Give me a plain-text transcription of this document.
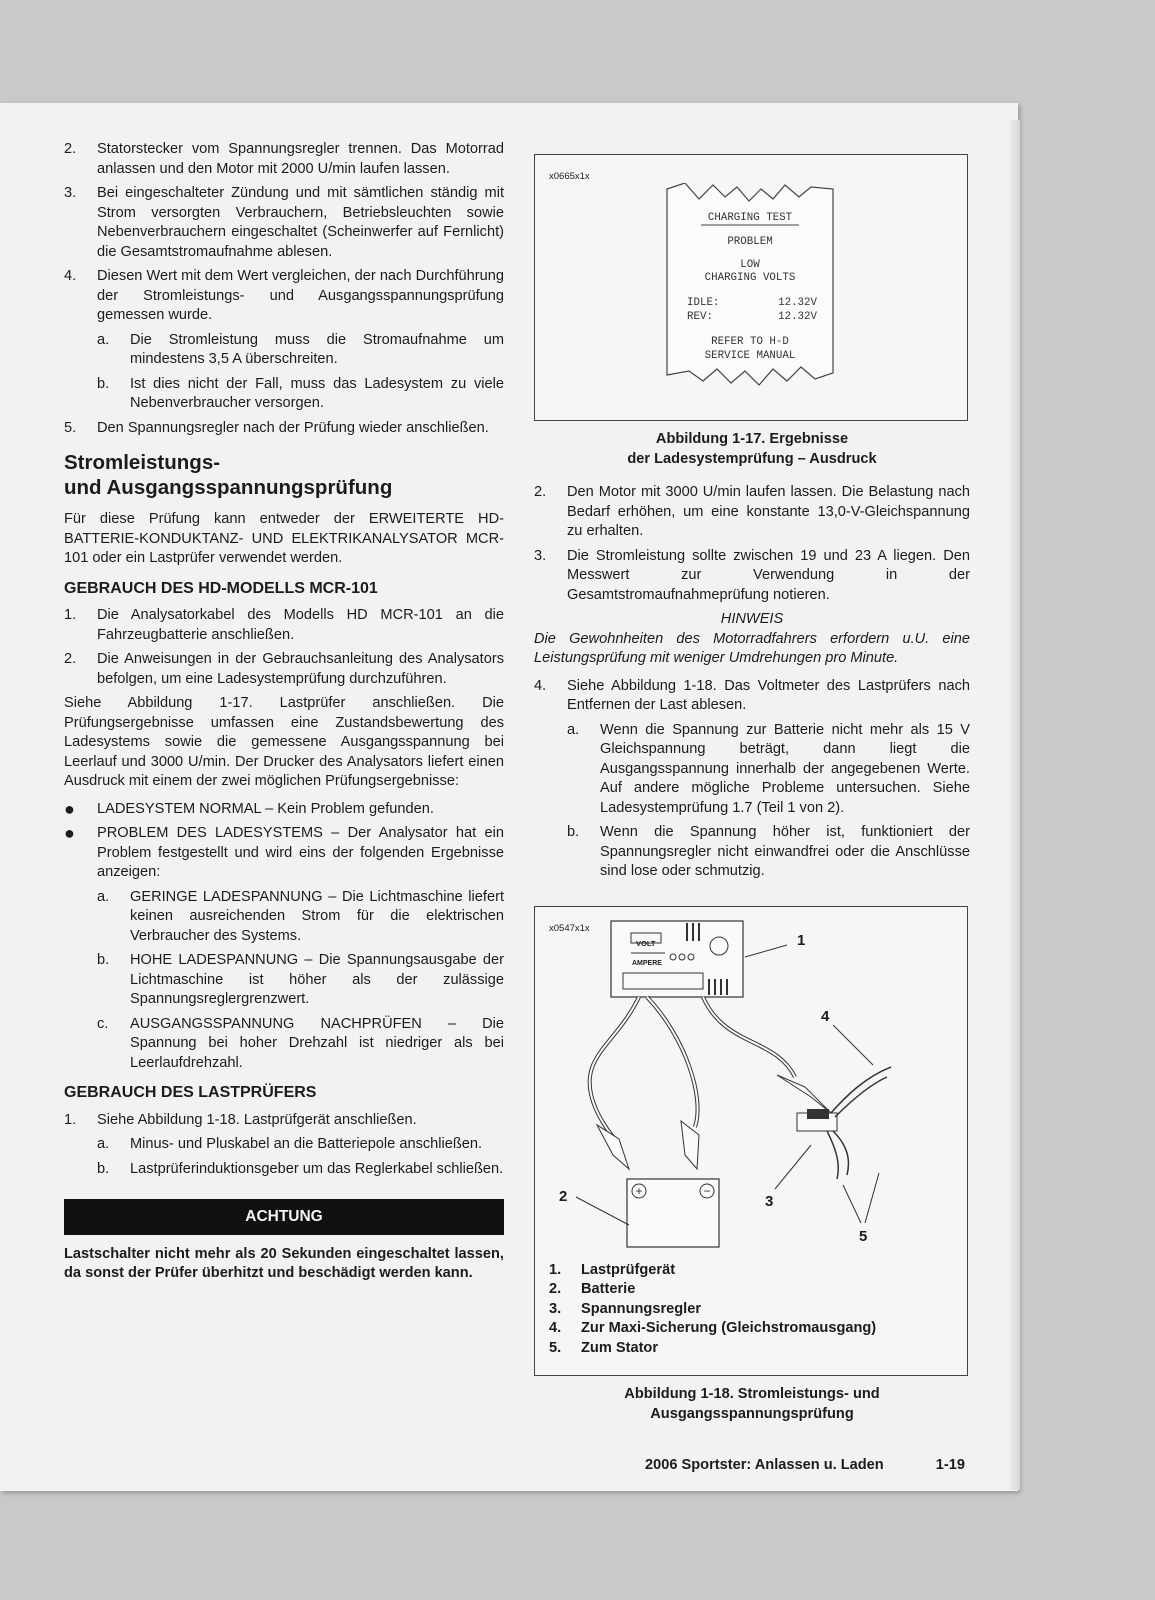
2.	Statorstecker vom Spannungsregler trennen. Das Motorrad anlassen und den Motor mit 2000 U/min laufen lassen.
3.	Bei eingeschalteter Zündung und mit sämtlichen ständig mit Strom versorgten Verbrauchern, Betriebsleuchten sowie Nebenverbrauchern eingeschaltet (Scheinwerfer auf Fernlicht) die Gesamtstromaufnahme ablesen.
4.	Diesen Wert mit dem Wert vergleichen, der nach Durchführung der Stromleistungs- und Ausgangsspannungsprüfung gemessen wurde.
a.	Die Stromleistung muss die Stromaufnahme um mindestens 3,5 A überschreiten.
b.	Ist dies nicht der Fall, muss das Ladesystem zu viele Nebenverbraucher versorgen.
5.	Den Spannungsregler nach der Prüfung wieder anschließen.
Stromleistungs-
und Ausgangsspannungsprüfung

Für diese Prüfung kann entweder der ERWEITERTE HD-BATTERIE-KONDUKTANZ- UND ELEKTRIKANALYSATOR MCR-101 oder ein Lastprüfer verwendet werden.

GEBRAUCH DES HD-MODELLS MCR-101
1.	Die Analysatorkabel des Modells HD MCR-101 an die Fahrzeugbatterie anschließen.
2.	Die Anweisungen in der Gebrauchsanleitung des Analysators befolgen, um eine Ladesystemprüfung durchzuführen.

Siehe Abbildung 1-17. Lastprüfer anschließen. Die Prüfungsergebnisse umfassen eine Zustandsbewertung des Ladesystems sowie die gemessene Ausgangsspannung bei Leerlauf und 3000 U/min. Der Drucker des Analysators liefert einen Ausdruck mit einem der zwei möglichen Prüfungsergebnisse:

●	LADESYSTEM NORMAL – Kein Problem gefunden.
●	PROBLEM DES LADESYSTEMS – Der Analysator hat ein Problem festgestellt und wird eins der folgenden Ergebnisse anzeigen:
a.	GERINGE LADESPANNUNG – Die Lichtmaschine liefert keinen ausreichenden Strom für die elektrischen Verbraucher des Systems.
b.	HOHE LADESPANNUNG – Die Spannungsausgabe der Lichtmaschine ist höher als der zulässige Spannungsreglergrenzwert.
c.	AUSGANGSSPANNUNG NACHPRÜFEN – Die Spannung bei hoher Drehzahl ist niedriger als bei Leerlaufdrehzahl.
GEBRAUCH DES LASTPRÜFERS
1.	Siehe Abbildung 1-18. Lastprüfgerät anschließen.
a.	Minus- und Pluskabel an die Batteriepole anschließen.
b.	Lastprüferinduktionsgeber um das Reglerkabel schließen.
ACHTUNG

Lastschalter nicht mehr als 20 Sekunden eingeschaltet lassen, da sonst der Prüfer überhitzt und beschädigt werden kann.

x0665x1x
CHARGING TEST
PROBLEM
LOW
CHARGING VOLTS
IDLE:	12.32V
REV:	12.32V
REFER TO H-D
SERVICE MANUAL
Abbildung 1-17. Ergebnisse
der Ladesystemprüfung – Ausdruck
2.	Den Motor mit 3000 U/min laufen lassen. Die Belastung nach Bedarf erhöhen, um eine konstante 13,0-V-Gleichspannung zu erhalten.
3.	Die Stromleistung sollte zwischen 19 und 23 A liegen. Den Messwert zur Verwendung in der Gesamtstromaufnahmeprüfung notieren.

HINWEIS

Die Gewohnheiten des Motorradfahrers erfordern u.U. eine Leistungsprüfung mit weniger Umdrehungen pro Minute.

4.	Siehe Abbildung 1-18. Das Voltmeter des Lastprüfers nach Entfernen der Last ablesen.
a.	Wenn die Spannung zur Batterie nicht mehr als 15 V Gleichspannung beträgt, dann liegt die Ausgangsspannung innerhalb der angegebenen Werte. Auf andere mögliche Probleme untersuchen. Siehe Ladesystemprüfung 1.7 (Teil 1 von 2).
b.	Wenn die Spannung höher ist, funktioniert der Spannungsregler nicht einwandfrei oder die Anschlüsse sind lose oder schmutzig.
x0547x1x
+	−
VOLT
AMPERE
1
2	3
4
5
1.	Lastprüfgerät
2.	Batterie
3.	Spannungsregler
4.	Zur Maxi-Sicherung (Gleichstromausgang)
5.	Zum Stator
Abbildung 1-18. Stromleistungs- und
Ausgangsspannungsprüfung
2006 Sportster: Anlassen u. Laden	1-19
